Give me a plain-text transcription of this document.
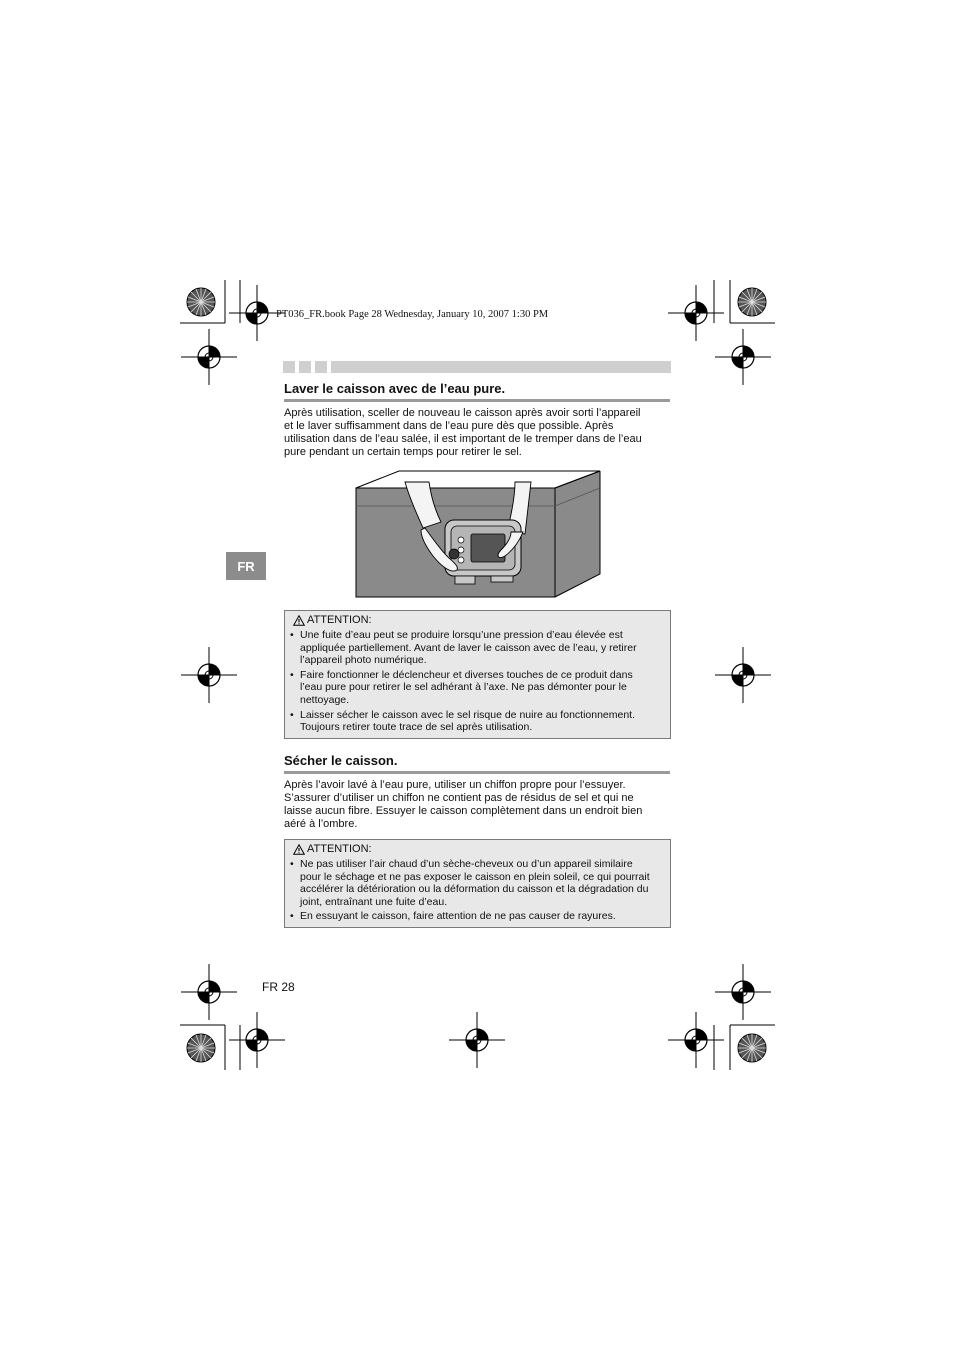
PT036_FR.book Page 28 Wednesday, January 10, 2007 1:30 PM
Laver le caisson avec de l’eau pure.
Après utilisation, sceller de nouveau le caisson après avoir sorti l’appareil
et le laver suffisamment dans de l’eau pure dès que possible. Après
utilisation dans de l’eau salée, il est important de le tremper dans de l’eau
pure pendant un certain temps pour retirer le sel.
FR
ATTENTION:
• Une fuite d’eau peut se produire lorsqu’une pression d’eau élevée est
appliquée partiellement. Avant de laver le caisson avec de l’eau, y retirer
l’appareil photo numérique.
• Faire fonctionner le déclencheur et diverses touches de ce produit dans
l’eau pure pour retirer le sel adhérant à l’axe. Ne pas démonter pour le
nettoyage.
• Laisser sécher le caisson avec le sel risque de nuire au fonctionnement.
Toujours retirer toute trace de sel après utilisation.
Sécher le caisson.
Après l’avoir lavé à l’eau pure, utiliser un chiffon propre pour l’essuyer.
S’assurer d’utiliser un chiffon ne contient pas de résidus de sel et qui ne
laisse aucun fibre. Essuyer le caisson complètement dans un endroit bien
aéré à l’ombre.
ATTENTION:
• Ne pas utiliser l’air chaud d’un sèche-cheveux ou d’un appareil similaire
pour le séchage et ne pas exposer le caisson en plein soleil, ce qui pourrait
accélérer la détérioration ou la déformation du caisson et la dégradation du
joint, entraînant une fuite d’eau.
• En essuyant le caisson, faire attention de ne pas causer de rayures.
FR 28
